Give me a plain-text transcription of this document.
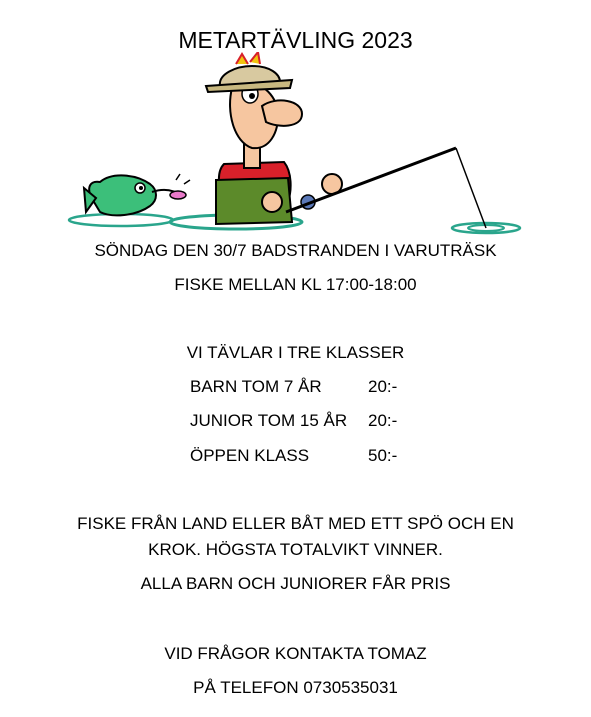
METARTÄVLING 2023
SÖNDAG DEN 30/7 BADSTRANDEN I VARUTRÄSK
FISKE MELLAN KL 17:00-18:00
VI TÄVLAR I TRE KLASSER
BARN TOM 7 ÅR	20:-
JUNIOR TOM 15 ÅR 20:-
ÖPPEN KLASS	50:-
FISKE FRÅN LAND ELLER BÅT MED ETT SPÖ OCH EN
KROK. HÖGSTA TOTALVIKT VINNER.
ALLA BARN OCH JUNIORER FÅR PRIS
VID FRÅGOR KONTAKTA TOMAZ
PÅ TELEFON 0730535031
